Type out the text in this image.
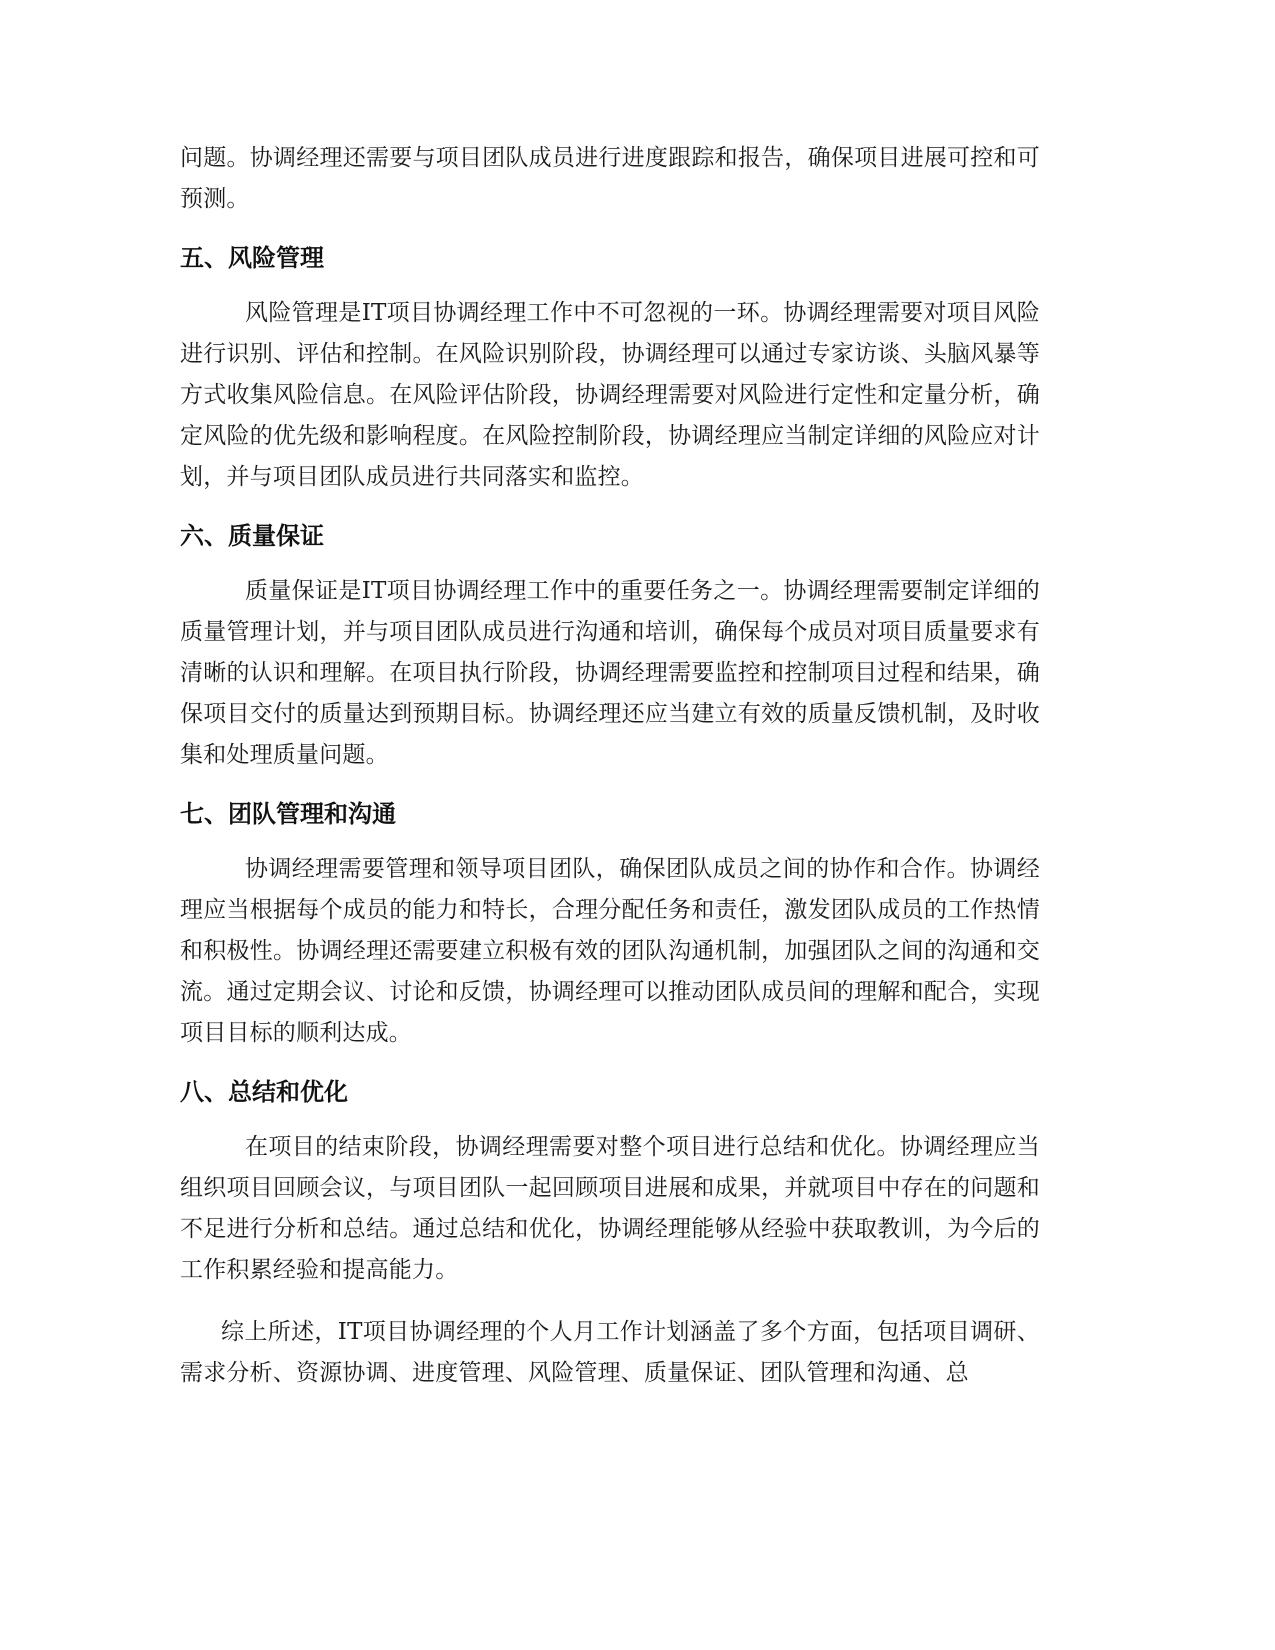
问题。协调经理还需要与项目团队成员进行进度跟踪和报告，确保项目进展可控和可预测。

五、风险管理

风险管理是IT项目协调经理工作中不可忽视的一环。协调经理需要对项目风险进行识别、评估和控制。在风险识别阶段，协调经理可以通过专家访谈、头脑风暴等方式收集风险信息。在风险评估阶段，协调经理需要对风险进行定性和定量分析，确定风险的优先级和影响程度。在风险控制阶段，协调经理应当制定详细的风险应对计划，并与项目团队成员进行共同落实和监控。

六、质量保证

质量保证是IT项目协调经理工作中的重要任务之一。协调经理需要制定详细的质量管理计划，并与项目团队成员进行沟通和培训，确保每个成员对项目质量要求有清晰的认识和理解。在项目执行阶段，协调经理需要监控和控制项目过程和结果，确保项目交付的质量达到预期目标。协调经理还应当建立有效的质量反馈机制，及时收集和处理质量问题。

七、团队管理和沟通

协调经理需要管理和领导项目团队，确保团队成员之间的协作和合作。协调经理应当根据每个成员的能力和特长，合理分配任务和责任，激发团队成员的工作热情和积极性。协调经理还需要建立积极有效的团队沟通机制，加强团队之间的沟通和交流。通过定期会议、讨论和反馈，协调经理可以推动团队成员间的理解和配合，实现项目目标的顺利达成。

八、总结和优化

在项目的结束阶段，协调经理需要对整个项目进行总结和优化。协调经理应当组织项目回顾会议，与项目团队一起回顾项目进展和成果，并就项目中存在的问题和不足进行分析和总结。通过总结和优化，协调经理能够从经验中获取教训，为今后的工作积累经验和提高能力。

综上所述，IT项目协调经理的个人月工作计划涵盖了多个方面，包括项目调研、需求分析、资源协调、进度管理、风险管理、质量保证、团队管理和沟通、总
